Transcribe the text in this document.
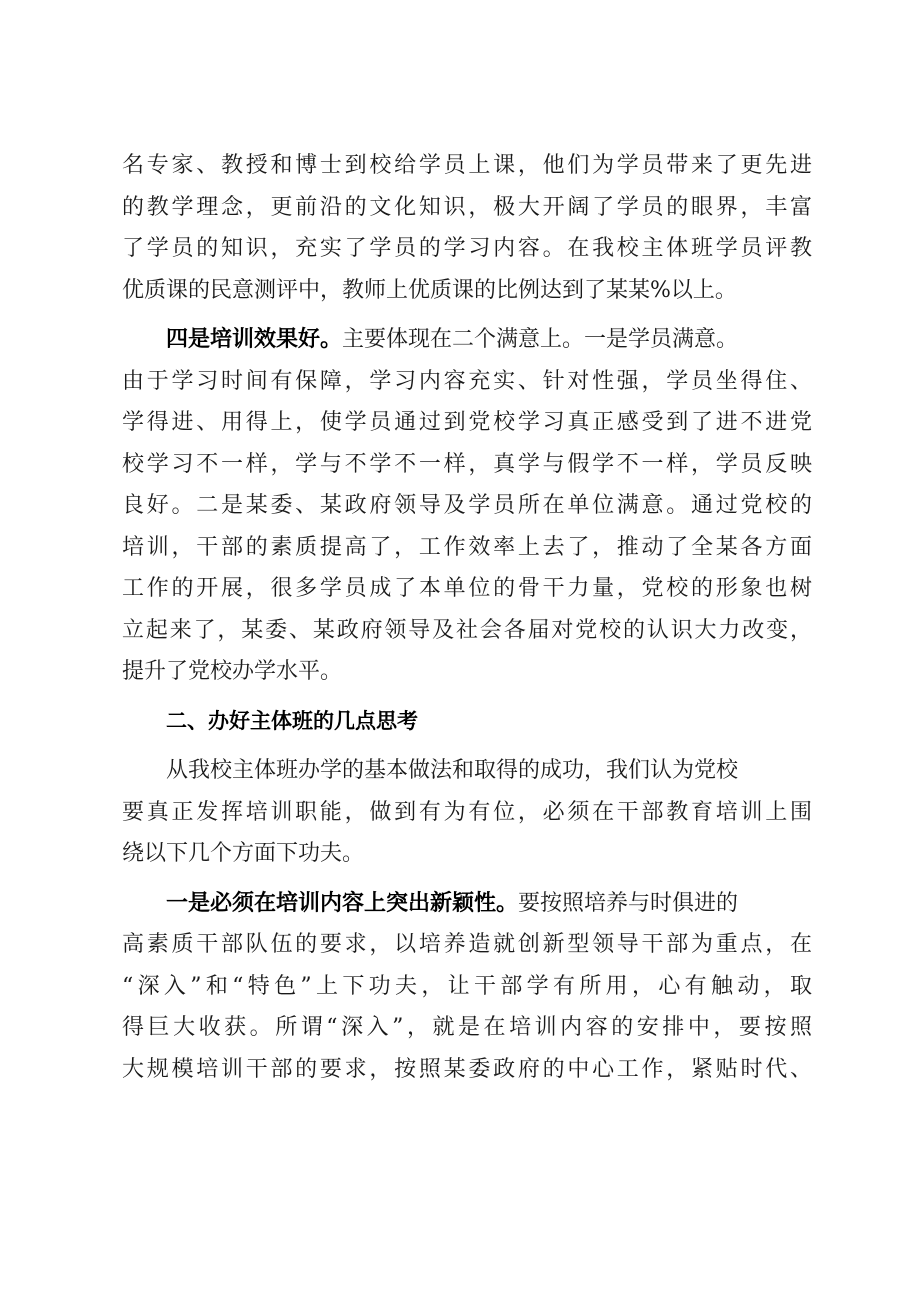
名专家、教授和博士到校给学员上课，他们为学员带来了更先进
的教学理念，更前沿的文化知识，极大开阔了学员的眼界，丰富
了学员的知识，充实了学员的学习内容。在我校主体班学员评教
优质课的民意测评中，教师上优质课的比例达到了某某%以上。
四是培训效果好。主要体现在二个满意上。一是学员满意。
由于学习时间有保障，学习内容充实、针对性强，学员坐得住、
学得进、用得上，使学员通过到党校学习真正感受到了进不进党
校学习不一样，学与不学不一样，真学与假学不一样，学员反映
良好。二是某委、某政府领导及学员所在单位满意。通过党校的
培训，干部的素质提高了，工作效率上去了，推动了全某各方面
工作的开展，很多学员成了本单位的骨干力量，党校的形象也树
立起来了，某委、某政府领导及社会各届对党校的认识大力改变，
提升了党校办学水平。
二、办好主体班的几点思考
从我校主体班办学的基本做法和取得的成功，我们认为党校
要真正发挥培训职能，做到有为有位，必须在干部教育培训上围
绕以下几个方面下功夫。
一是必须在培训内容上突出新颖性。要按照培养与时俱进的
高素质干部队伍的要求，以培养造就创新型领导干部为重点，在
“深入”和“特色”上下功夫，让干部学有所用，心有触动，取
得巨大收获。所谓“深入”，就是在培训内容的安排中，要按照
大规模培训干部的要求，按照某委政府的中心工作，紧贴时代、
